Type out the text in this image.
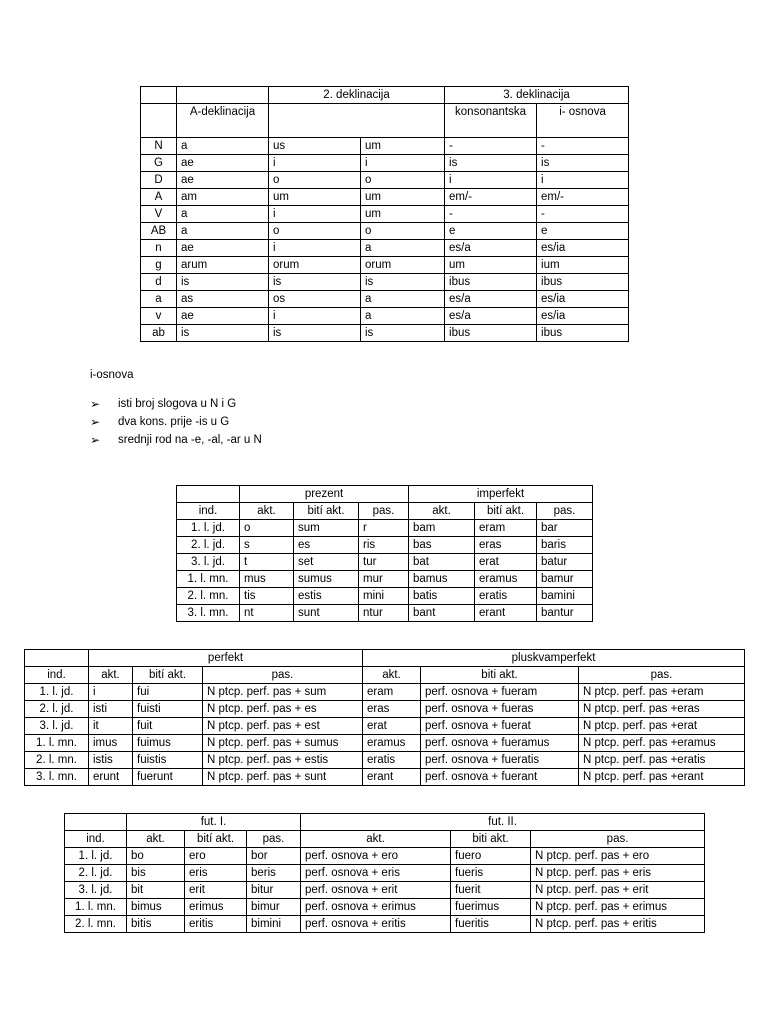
		2. deklinacija		3. deklinacija	
	A-deklinacija			konsonantska	i- osnova
N	a	us	um	-	-
G	ae	i	i	is	is
D	ae	o	o	i	i
A	am	um	um	em/-	em/-
V	a	i	um	-	-
AB	a	o	o	e	e
n	ae	i	a	es/a	es/ia
g	arum	orum	orum	um	ium
d	is	is	is	ibus	ibus
a	as	os	a	es/a	es/ia
v	ae	i	a	es/a	es/ia
ab	is	is	is	ibus	ibus
i-osnova
➢ isti broj slogova u N i G
➢ dva kons. prije -is u G
➢ srednji rod na -e, -al, -ar u N
	prezent			imperfekt		
ind.	akt.	bití akt.	pas.	akt.	bití akt.	pas.
1. l. jd.	o	sum	r	bam	eram	bar
2. l. jd.	s	es	ris	bas	eras	baris
3. l. jd.	t	set	tur	bat	erat	batur
1. l. mn.	mus	sumus	mur	bamus	eramus	bamur
2. l. mn.	tis	estis	mini	batis	eratis	bamini
3. l. mn.	nt	sunt	ntur	bant	erant	bantur
	perfekt			pluskvamperfekt		
ind.	akt.	bití akt.	pas.	akt.	biti akt.	pas.
1. l. jd.	i	fui	N ptcp. perf. pas + sum	eram	perf. osnova + fueram	N ptcp. perf. pas +eram
2. l. jd.	isti	fuisti	N ptcp. perf. pas + es	eras	perf. osnova + fueras	N ptcp. perf. pas +eras
3. l. jd.	it	fuit	N ptcp. perf. pas + est	erat	perf. osnova + fuerat	N ptcp. perf. pas +erat
1. l. mn.	imus	fuimus	N ptcp. perf. pas + sumus	eramus	perf. osnova + fueramus	N ptcp. perf. pas +eramus
2. l. mn.	istis	fuistis	N ptcp. perf. pas + estis	eratis	perf. osnova + fueratis	N ptcp. perf. pas +eratis
3. l. mn.	erunt	fuerunt	N ptcp. perf. pas + sunt	erant	perf. osnova + fuerant	N ptcp. perf. pas +erant
	fut. I.			fut. II.		
ind.	akt.	bití akt.	pas.	akt.	biti akt.	pas.
1. l. jd.	bo	ero	bor	perf. osnova + ero	fuero	N ptcp. perf. pas + ero
2. l. jd.	bis	eris	beris	perf. osnova + eris	fueris	N ptcp. perf. pas + eris
3. l. jd.	bit	erit	bitur	perf. osnova + erit	fuerit	N ptcp. perf. pas + erit
1. l. mn.	bimus	erimus	bimur	perf. osnova + erimus	fuerimus	N ptcp. perf. pas + erimus
2. l. mn.	bitis	eritis	bimini	perf. osnova + eritis	fueritis	N ptcp. perf. pas + eritis
